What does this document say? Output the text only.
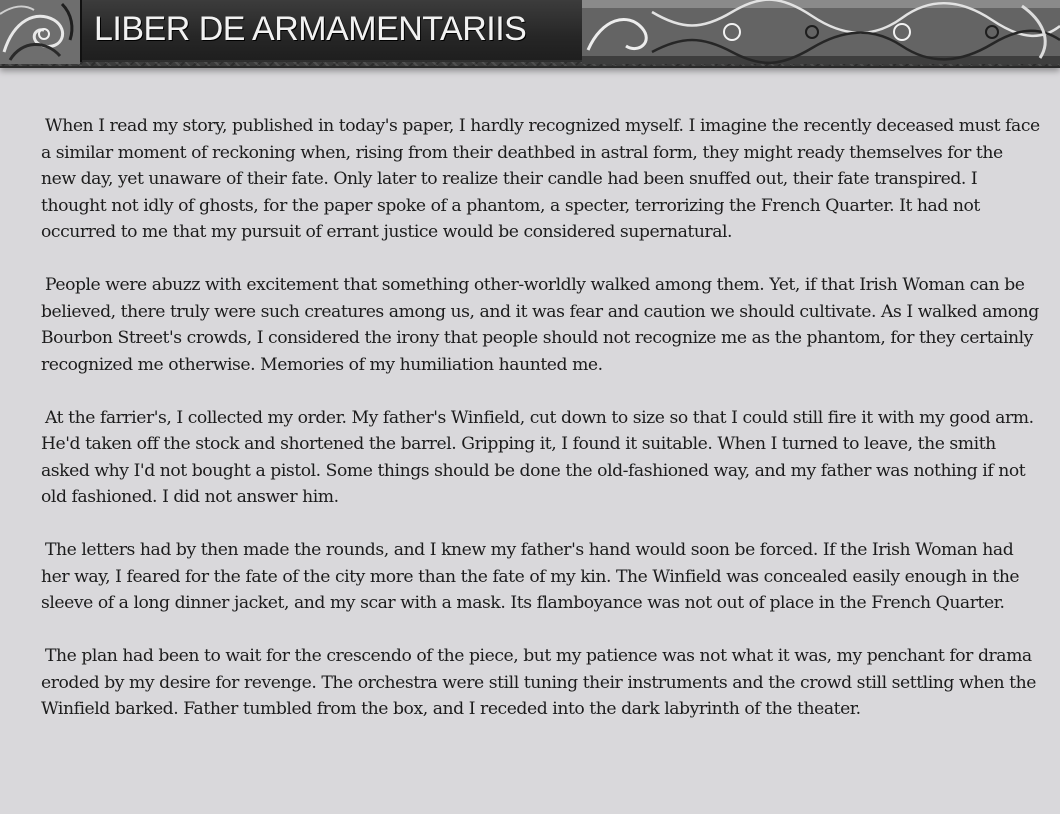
LIBER DE ARMAMENTARIIS

When I read my story, published in today's paper, I hardly recognized myself. I imagine the recently deceased must face a similar moment of reckoning when, rising from their deathbed in astral form, they might ready themselves for the new day, yet unaware of their fate. Only later to realize their candle had been snuffed out, their fate transpired. I thought not idly of ghosts, for the paper spoke of a phantom, a specter, terrorizing the French Quarter. It had not occurred to me that my pursuit of errant justice would be considered supernatural.

People were abuzz with excitement that something other-worldly walked among them. Yet, if that Irish Woman can be believed, there truly were such creatures among us, and it was fear and caution we should cultivate. As I walked among Bourbon Street's crowds, I considered the irony that people should not recognize me as the phantom, for they certainly recognized me otherwise. Memories of my humiliation haunted me.

At the farrier's, I collected my order. My father's Winfield, cut down to size so that I could still fire it with my good arm. He'd taken off the stock and shortened the barrel. Gripping it, I found it suitable. When I turned to leave, the smith asked why I'd not bought a pistol. Some things should be done the old-fashioned way, and my father was nothing if not old fashioned. I did not answer him.

The letters had by then made the rounds, and I knew my father's hand would soon be forced. If the Irish Woman had her way, I feared for the fate of the city more than the fate of my kin. The Winfield was concealed easily enough in the sleeve of a long dinner jacket, and my scar with a mask. Its flamboyance was not out of place in the French Quarter.

The plan had been to wait for the crescendo of the piece, but my patience was not what it was, my penchant for drama eroded by my desire for revenge. The orchestra were still tuning their instruments and the crowd still settling when the Winfield barked. Father tumbled from the box, and I receded into the dark labyrinth of the theater.
